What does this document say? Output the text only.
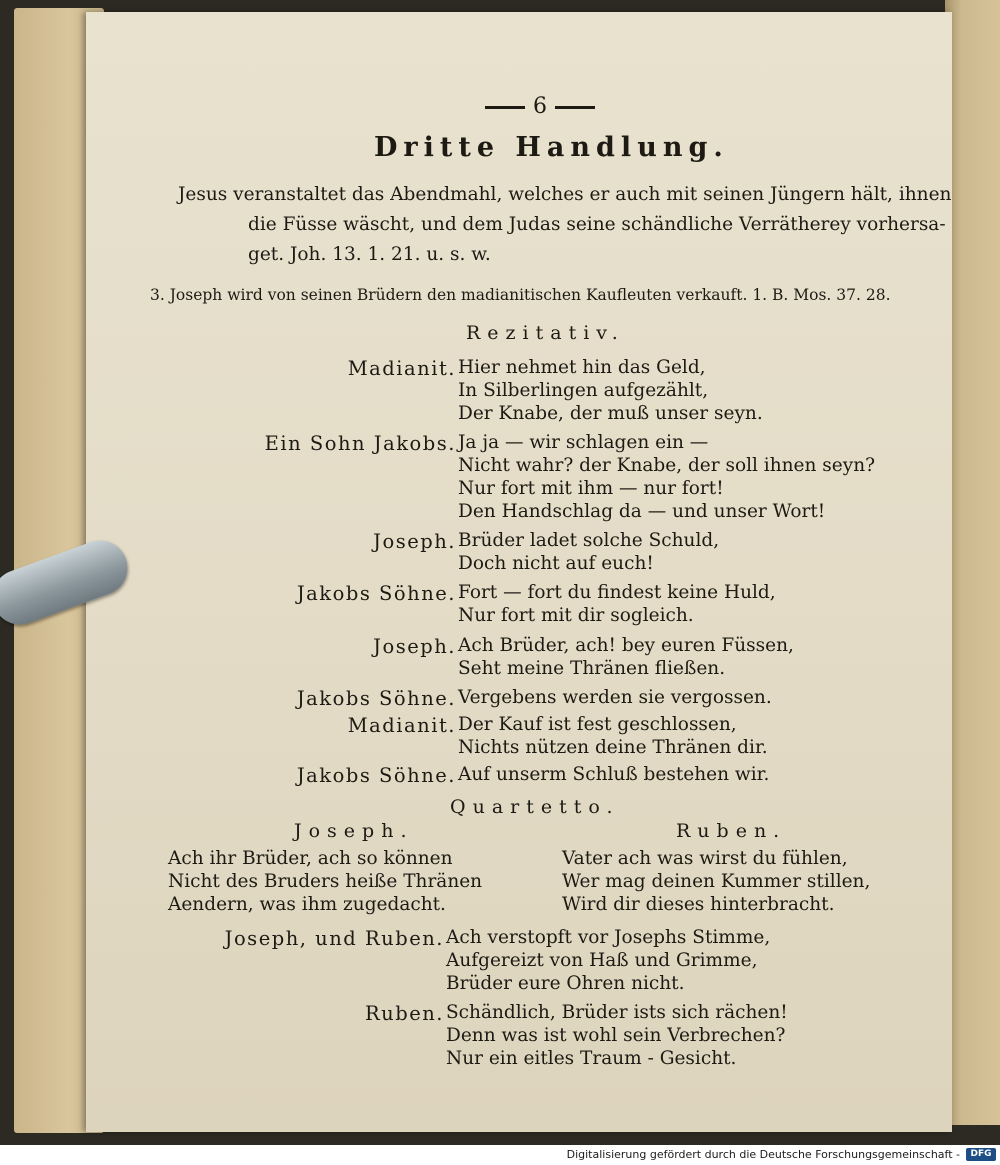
6
Dritte Handlung.
Jesus veranstaltet das Abendmahl, welches er auch mit seinen Jüngern hält, ihnen
die Füsse wäscht, und dem Judas seine schändliche Verrätherey vorhersa-
get. Joh. 13. 1. 21. u. s. w.
3. Joseph wird von seinen Brüdern den madianitischen Kaufleuten verkauft. 1. B. Mos. 37. 28.
Rezitativ.
Madianit. Hier nehmet hin das Geld,
In Silberlingen aufgezählt,
Der Knabe, der muß unser seyn.
Ein Sohn Jakobs. Ja ja — wir schlagen ein —
Nicht wahr? der Knabe, der soll ihnen seyn?
Nur fort mit ihm — nur fort!
Den Handschlag da — und unser Wort!
Joseph. Brüder ladet solche Schuld,
Doch nicht auf euch!
Jakobs Söhne. Fort — fort du findest keine Huld,
Nur fort mit dir sogleich.
Joseph. Ach Brüder, ach! bey euren Füssen,
Seht meine Thränen fließen.
Jakobs Söhne. Vergebens werden sie vergossen.
Madianit. Der Kauf ist fest geschlossen,
Nichts nützen deine Thränen dir.
Jakobs Söhne. Auf unserm Schluß bestehen wir.
Quartetto.
Joseph.	Ruben.
Ach ihr Brüder, ach so können
Nicht des Bruders heiße Thränen
Aendern, was ihm zugedacht.
Vater ach was wirst du fühlen,
Wer mag deinen Kummer stillen,
Wird dir dieses hinterbracht.
Joseph, und Ruben. Ach verstopft vor Josephs Stimme,
Aufgereizt von Haß und Grimme,
Brüder eure Ohren nicht.
Ruben. Schändlich, Brüder ists sich rächen!
Denn was ist wohl sein Verbrechen?
Nur ein eitles Traum - Gesicht.
Digitalisierung gefördert durch die Deutsche Forschungsgemeinschaft -	DFG
